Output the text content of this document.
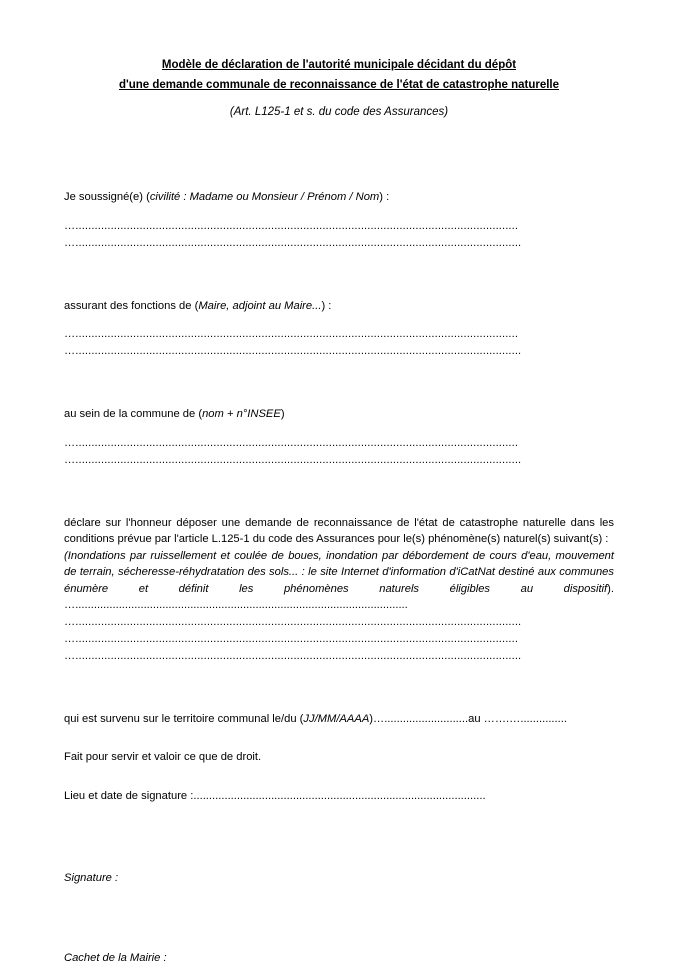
Modèle de déclaration de l'autorité municipale décidant du dépôt
d'une demande communale de reconnaissance de l'état de catastrophe naturelle
(Art. L125-1 et s. du code des Assurances)
Je soussigné(e) (civilité : Madame ou Monsieur / Prénom / Nom) :
…..........................................................................................................................................
…...........................................................................................................................................
assurant des fonctions de (Maire, adjoint au Maire...) :
…..........................................................................................................................................
…...........................................................................................................................................
au sein de la commune de (nom + n°INSEE)
…..........................................................................................................................................
…...........................................................................................................................................
déclare sur l'honneur déposer une demande de reconnaissance de l'état de catastrophe naturelle dans les conditions prévue par l'article L.125-1 du code des Assurances pour le(s) phénomène(s) naturel(s) suivant(s) :
(Inondations par ruissellement et coulée de boues, inondation par débordement de cours d'eau, mouvement de terrain, sécheresse-réhydratation des sols... : le site Internet d'information d'iCatNat destiné aux communes énumère et définit les phénomènes naturels éligibles au dispositif). …...........................................................................................................
…...........................................................................................................................................
…..........................................................................................................................................
…...........................................................................................................................................
qui est survenu sur le territoire communal le/du (JJ/MM/AAAA)…...........................au …….…...............
Fait pour servir et valoir ce que de droit.
Lieu et date de signature :..............................................................................................
Signature :
Cachet de la Mairie :
